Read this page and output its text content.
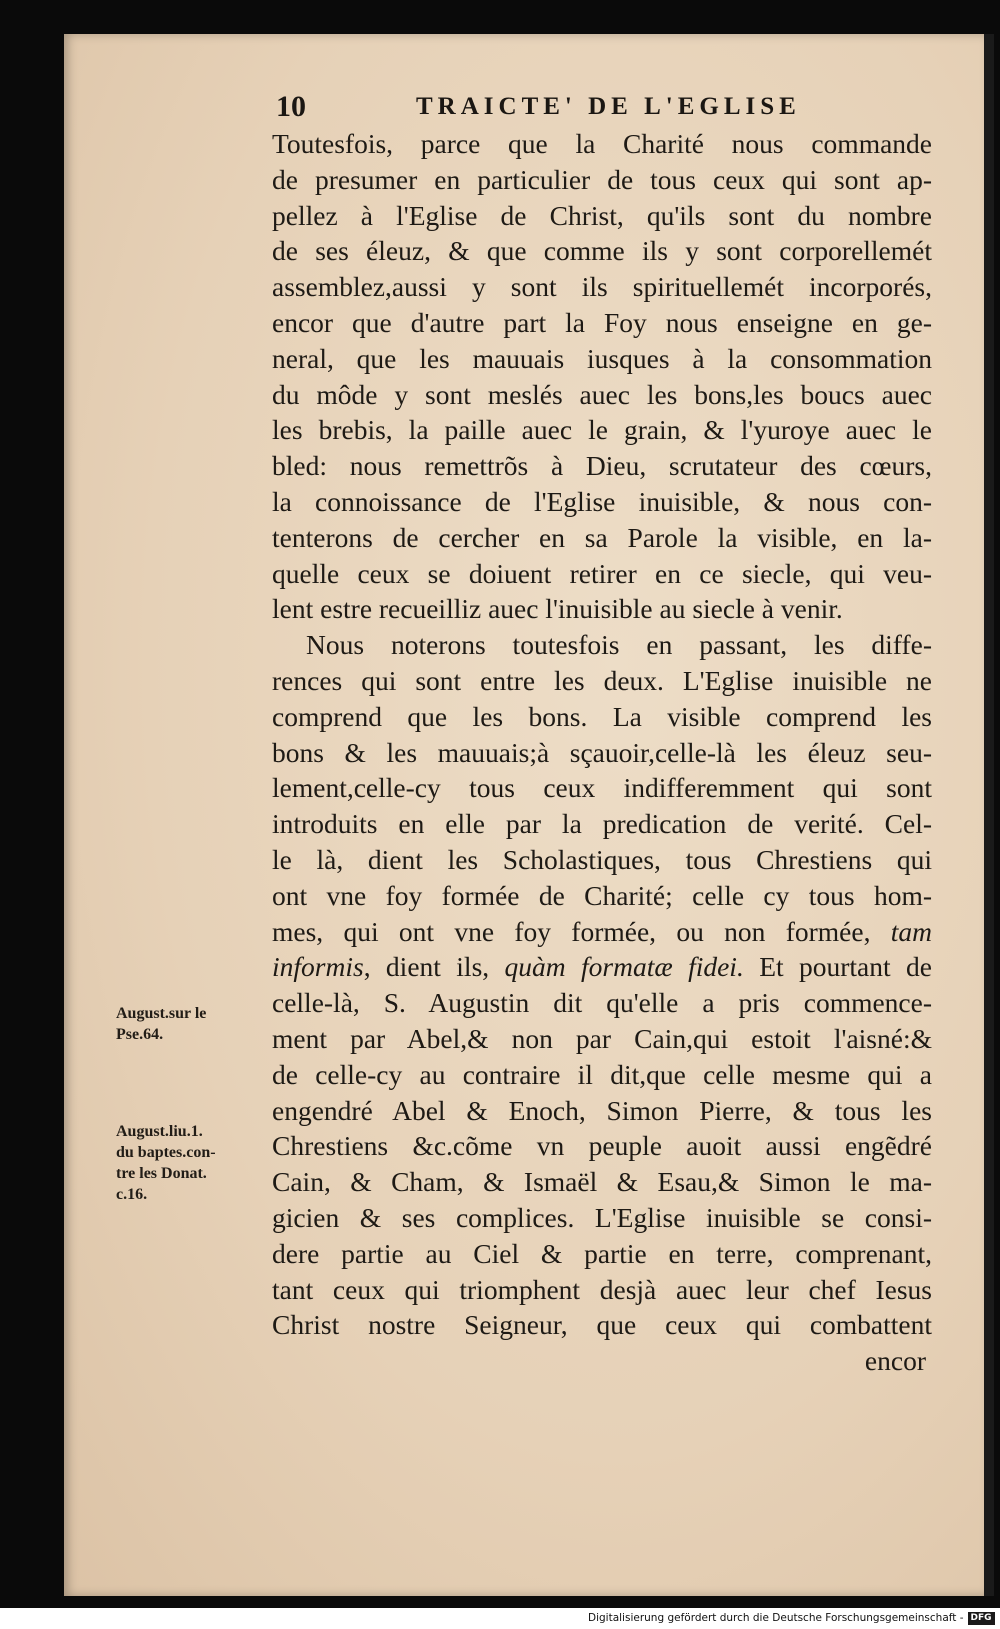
10	TRAICTE' DE L'EGLISE
Toutesfois, parce que la Charité nous commande
de presumer en particulier de tous ceux qui sont ap-
pellez à l'Eglise de Christ, qu'ils sont du nombre
de ses éleuz, & que comme ils y sont corporellemét
assemblez,aussi y sont ils spirituellemét incorporés,
encor que d'autre part la Foy nous enseigne en ge-
neral, que les mauuais iusques à la consommation
du môde y sont meslés auec les bons,les boucs auec
les brebis, la paille auec le grain, & l'yuroye auec le
bled: nous remettrõs à Dieu, scrutateur des cœurs,
la connoissance de l'Eglise inuisible, & nous con-
tenterons de cercher en sa Parole la visible, en la-
quelle ceux se doiuent retirer en ce siecle, qui veu-
lent estre recueilliz auec l'inuisible au siecle à venir.
Nous noterons toutesfois en passant, les diffe-
rences qui sont entre les deux. L'Eglise inuisible ne
comprend que les bons. La visible comprend les
bons & les mauuais;à sçauoir,celle-là les éleuz seu-
lement,celle-cy tous ceux indifferemment qui sont
introduits en elle par la predication de verité. Cel-
le là, dient les Scholastiques, tous Chrestiens qui
ont vne foy formée de Charité; celle cy tous hom-
mes, qui ont vne foy formée, ou non formée, tam
informis, dient ils, quàm formatæ fidei. Et pourtant de
celle-là, S. Augustin dit qu'elle a pris commence-
ment par Abel,& non par Cain,qui estoit l'aisné:&
de celle-cy au contraire il dit,que celle mesme qui a
engendré Abel & Enoch, Simon Pierre, & tous les
Chrestiens &c.cõme vn peuple auoit aussi engẽdré
Cain, & Cham, & Ismaël & Esau,& Simon le ma-
gicien & ses complices. L'Eglise inuisible se consi-
dere partie au Ciel & partie en terre, comprenant,
tant ceux qui triomphent desjà auec leur chef Iesus
Christ nostre Seigneur, que ceux qui combattent
encor
August.sur le
Pse.64.
August.liu.1.
du baptes.con-
tre les Donat.
c.16.
Digitalisierung gefördert durch die Deutsche Forschungsgemeinschaft - DFG
